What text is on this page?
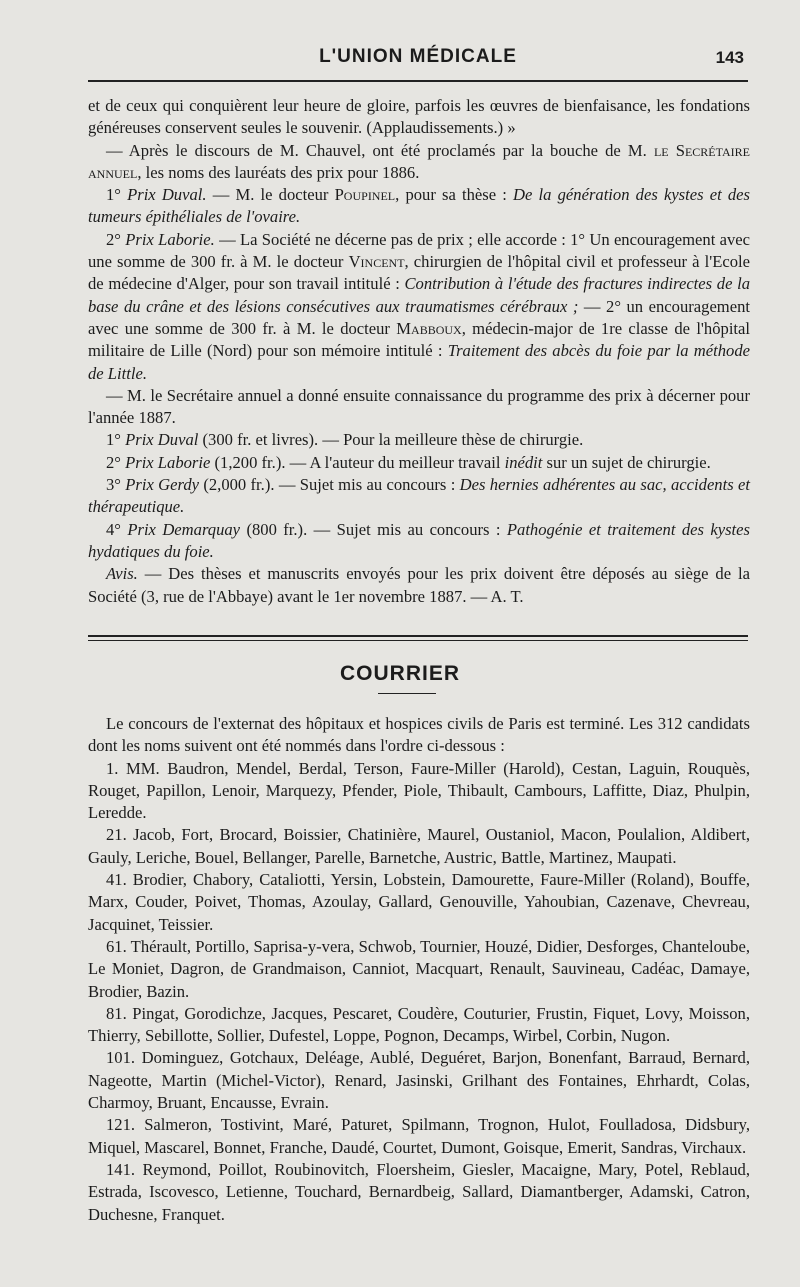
L'UNION MÉDICALE	143

et de ceux qui conquièrent leur heure de gloire, parfois les œuvres de bienfaisance, les fondations généreuses conservent seules le souvenir. (Applaudissements.) »

— Après le discours de M. Chauvel, ont été proclamés par la bouche de M. le Secrétaire annuel, les noms des lauréats des prix pour 1886.

1° Prix Duval. — M. le docteur Poupinel, pour sa thèse : De la génération des kystes et des tumeurs épithéliales de l'ovaire.

2° Prix Laborie. — La Société ne décerne pas de prix ; elle accorde : 1° Un encouragement avec une somme de 300 fr. à M. le docteur Vincent, chirurgien de l'hôpital civil et professeur à l'Ecole de médecine d'Alger, pour son travail intitulé : Contribution à l'étude des fractures indirectes de la base du crâne et des lésions consécutives aux traumatismes cérébraux ; — 2° un encouragement avec une somme de 300 fr. à M. le docteur Mabboux, médecin-major de 1re classe de l'hôpital militaire de Lille (Nord) pour son mémoire intitulé : Traitement des abcès du foie par la méthode de Little.

— M. le Secrétaire annuel a donné ensuite connaissance du programme des prix à décerner pour l'année 1887.

1° Prix Duval (300 fr. et livres). — Pour la meilleure thèse de chirurgie.

2° Prix Laborie (1,200 fr.). — A l'auteur du meilleur travail inédit sur un sujet de chirurgie.

3° Prix Gerdy (2,000 fr.). — Sujet mis au concours : Des hernies adhérentes au sac, accidents et thérapeutique.

4° Prix Demarquay (800 fr.). — Sujet mis au concours : Pathogénie et traitement des kystes hydatiques du foie.

Avis. — Des thèses et manuscrits envoyés pour les prix doivent être déposés au siège de la Société (3, rue de l'Abbaye) avant le 1er novembre 1887. — A. T.

COURRIER

Le concours de l'externat des hôpitaux et hospices civils de Paris est terminé. Les 312 candidats dont les noms suivent ont été nommés dans l'ordre ci-dessous :

1. MM. Baudron, Mendel, Berdal, Terson, Faure-Miller (Harold), Cestan, Laguin, Rouquès, Rouget, Papillon, Lenoir, Marquezy, Pfender, Piole, Thibault, Cambours, Laffitte, Diaz, Phulpin, Leredde.

21. Jacob, Fort, Brocard, Boissier, Chatinière, Maurel, Oustaniol, Macon, Poulalion, Aldibert, Gauly, Leriche, Bouel, Bellanger, Parelle, Barnetche, Austric, Battle, Martinez, Maupati.

41. Brodier, Chabory, Cataliotti, Yersin, Lobstein, Damourette, Faure-Miller (Roland), Bouffe, Marx, Couder, Poivet, Thomas, Azoulay, Gallard, Genouville, Yahoubian, Cazenave, Chevreau, Jacquinet, Teissier.

61. Thérault, Portillo, Saprisa-y-vera, Schwob, Tournier, Houzé, Didier, Desforges, Chanteloube, Le Moniet, Dagron, de Grandmaison, Canniot, Macquart, Renault, Sauvineau, Cadéac, Damaye, Brodier, Bazin.

81. Pingat, Gorodichze, Jacques, Pescaret, Coudère, Couturier, Frustin, Fiquet, Lovy, Moisson, Thierry, Sebillotte, Sollier, Dufestel, Loppe, Pognon, Decamps, Wirbel, Corbin, Nugon.

101. Dominguez, Gotchaux, Deléage, Aublé, Deguéret, Barjon, Bonenfant, Barraud, Bernard, Nageotte, Martin (Michel-Victor), Renard, Jasinski, Grilhant des Fontaines, Ehrhardt, Colas, Charmoy, Bruant, Encausse, Evrain.

121. Salmeron, Tostivint, Maré, Paturet, Spilmann, Trognon, Hulot, Foulladosa, Didsbury, Miquel, Mascarel, Bonnet, Franche, Daudé, Courtet, Dumont, Goisque, Emerit, Sandras, Virchaux.

141. Reymond, Poillot, Roubinovitch, Floersheim, Giesler, Macaigne, Mary, Potel, Reblaud, Estrada, Iscovesco, Letienne, Touchard, Bernardbeig, Sallard, Diamantberger, Adamski, Catron, Duchesne, Franquet.
